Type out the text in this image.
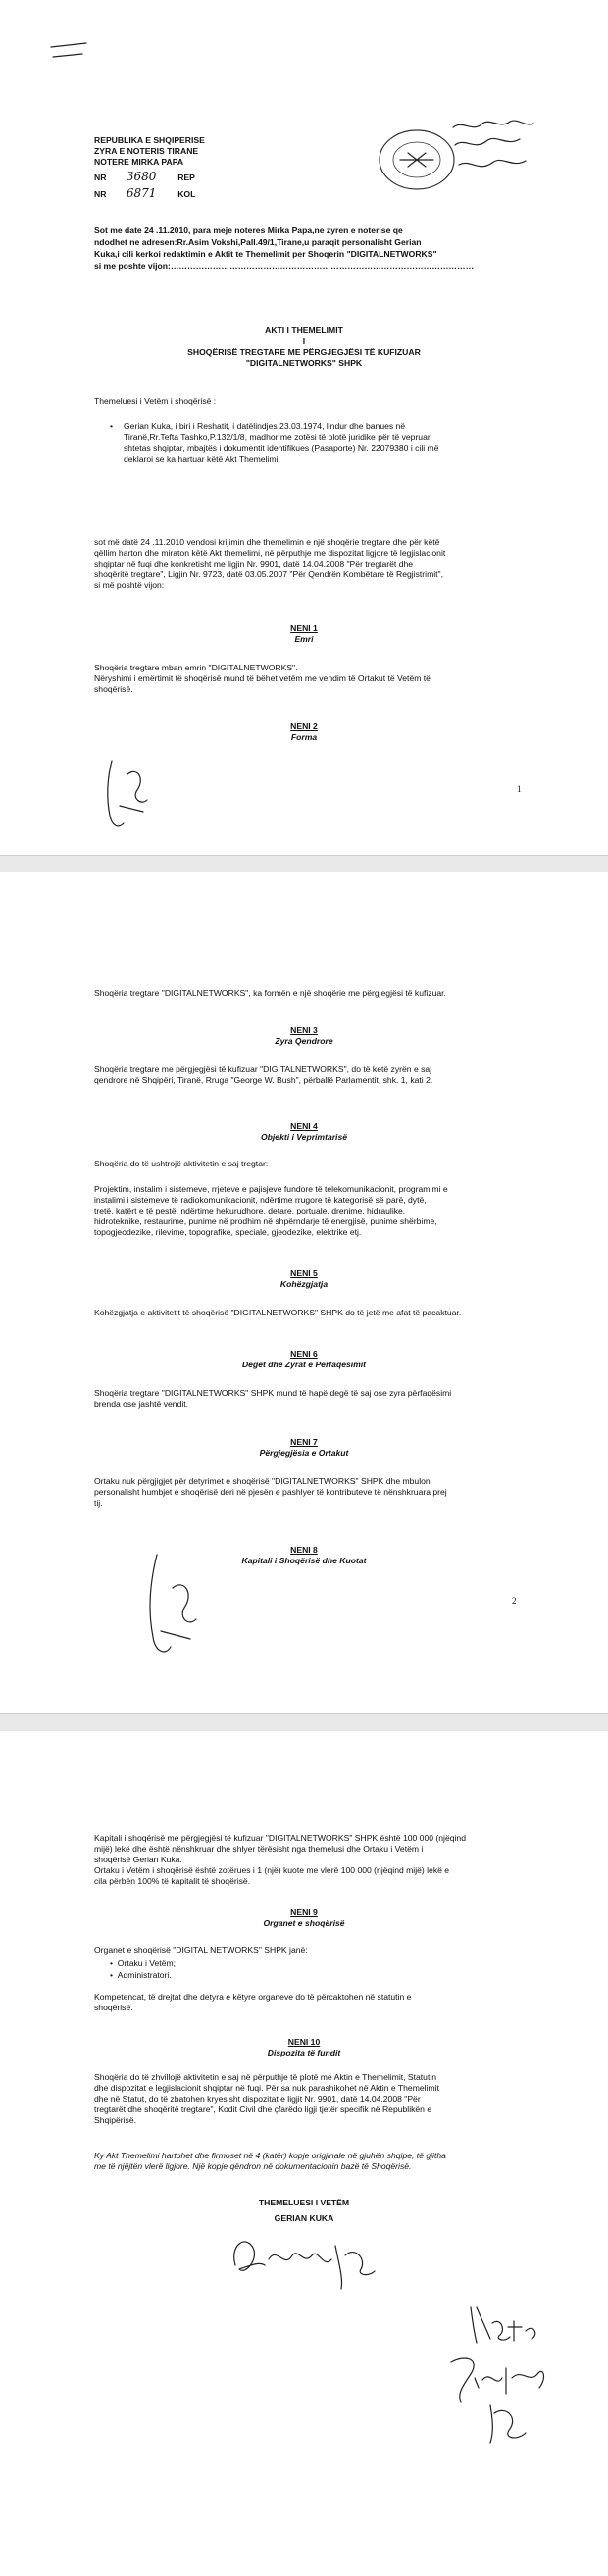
REPUBLIKA E SHQIPERISE
ZYRA E NOTERIS TIRANE
NOTERE MIRKA PAPA
NR 3680	REP
NR 6871	KOL
Sot me date 24 .11.2010, para meje noteres Mirka Papa,ne zyren e noterise qe
ndodhet ne adresen:Rr.Asim Vokshi,Pall.49/1,Tirane,u paraqit personalisht Gerian
Kuka,i cili kerkoi redaktimin e Aktit te Themelimit per Shoqerin "DIGITALNETWORKS"
si me poshte vijon:………………………………………………………………………………………………
AKTI I THEMELIMIT
I
SHOQËRISË TREGTARE ME PËRGJEGJËSI TË KUFIZUAR
"DIGITALNETWORKS" SHPK
Themeluesi i Vetëm i shoqërisë :
• Gerian Kuka, i biri i Reshatit, i datëlindjes 23.03.1974, lindur dhe banues në
Tiranë,Rr.Tefta Tashko,P.132/1/8, madhor me zotësi të plotë juridike për të vepruar,
shtetas shqiptar, mbajtës i dokumentit identifikues (Pasaporte) Nr. 22079380 i cili më
deklaroi se ka hartuar këtë Akt Themelimi.
sot më datë 24 .11.2010 vendosi krijimin dhe themelimin e një shoqërie tregtare dhe për këtë
qëllim harton dhe miraton këtë Akt themelimi, në përputhje me dispozitat ligjore të legjislacionit
shqiptar në fuqi dhe konkretisht me ligjin Nr. 9901, datë 14.04.2008 "Për tregtarët dhe
shoqëritë tregtare", Ligjin Nr. 9723, datë 03.05.2007 "Për Qendrën Kombëtare të Regjistrimit",
si më poshtë vijon:
NENI 1
Emri
Shoqëria tregtare mban emrin "DIGITALNETWORKS".
Nëryshimi i emërtimit të shoqërisë mund të bëhet vetëm me vendim të Ortakut të Vetëm të
shoqërisë.
NENI 2
Forma
1
Shoqëria tregtare "DIGITALNETWORKS", ka formën e një shoqërie me përgjegjësi të kufizuar.
NENI 3
Zyra Qendrore
Shoqëria tregtare me përgjegjësi të kufizuar "DIGITALNETWORKS", do të ketë zyrën e saj
qendrore në Shqipëri, Tiranë, Rruga "George W. Bush", përballë Parlamentit, shk. 1, kati 2.
NENI 4
Objekti i Veprimtarisë
Shoqëria do të ushtrojë aktivitetin e saj tregtar:
Projektim, instalim i sistemeve, rrjeteve e pajisjeve fundore të telekomunikacionit, programimi e
instalimi i sistemeve të radiokomunikacionit, ndërtime rrugore të kategorisë së parë, dytë,
tretë, katërt e të pestë, ndërtime hekurudhore, detare, portuale, drenime, hidraulike,
hidroteknike, restaurime, punime në prodhim në shpërndarje të energjisë, punime shërbime,
topogjeodezike, rilevime, topografike, speciale, gjeodezike, elektrike etj.
NENI 5
Kohëzgjatja
Kohëzgjatja e aktivitetit të shoqërisë "DIGITALNETWORKS" SHPK do të jetë me afat të pacaktuar.
NENI 6
Degët dhe Zyrat e Përfaqësimit
Shoqëria tregtare "DIGITALNETWORKS" SHPK mund të hapë degë të saj ose zyra përfaqësimi
brenda ose jashtë vendit.
NENI 7
Përgjegjësia e Ortakut
Ortaku nuk përgjigjet për detyrimet e shoqërisë "DIGITALNETWORKS" SHPK dhe mbulon
personalisht humbjet e shoqërisë deri në pjesën e pashlyer të kontributeve të nënshkruara prej
tij.
NENI 8
Kapitali i Shoqërisë dhe Kuotat
2
Kapitali i shoqërisë me përgjegjësi të kufizuar "DIGITALNETWORKS" SHPK është 100 000 (njëqind
mijë) lekë dhe është nënshkruar dhe shlyer tërësisht nga themelusi dhe Ortaku i Vetëm i
shoqërisë Gerian Kuka.
Ortaku i Vetëm i shoqërisë është zotërues i 1 (një) kuote me vlerë 100 000 (njëqind mijë) lekë e
cila përbën 100% të kapitalit të shoqërisë.
NENI 9
Organet e shoqërisë
Organet e shoqërisë "DIGITAL NETWORKS" SHPK janë:
•  Ortaku i Vetëm;
•  Administratori.
Kompetencat, të drejtat dhe detyra e këtyre organeve do të përcaktohen në statutin e
shoqërisë.
NENI 10
Dispozita të fundit
Shoqëria do të zhvillojë aktivitetin e saj në përputhje të plotë me Aktin e Themelimit, Statutin
dhe dispozitat e legjislacionit shqiptar në fuqi. Për sa nuk parashikohet në Aktin e Themelimit
dhe në Statut, do të zbatohen kryesisht dispozitat e ligjit Nr. 9901, datë 14.04.2008 "Për
tregtarët dhe shoqëritë tregtare", Kodit Civil dhe çfarëdo ligji tjetër specifik në Republikën e
Shqipërisë.
Ky Akt Themelimi hartohet dhe firmoset në 4 (katër) kopje origjinale në gjuhën shqipe, të gjitha
me të njëjtën vlerë ligjore. Një kopje qëndron në dokumentacionin bazë të Shoqërisë.
THEMELUESI I VETËM
GERIAN KUKA
